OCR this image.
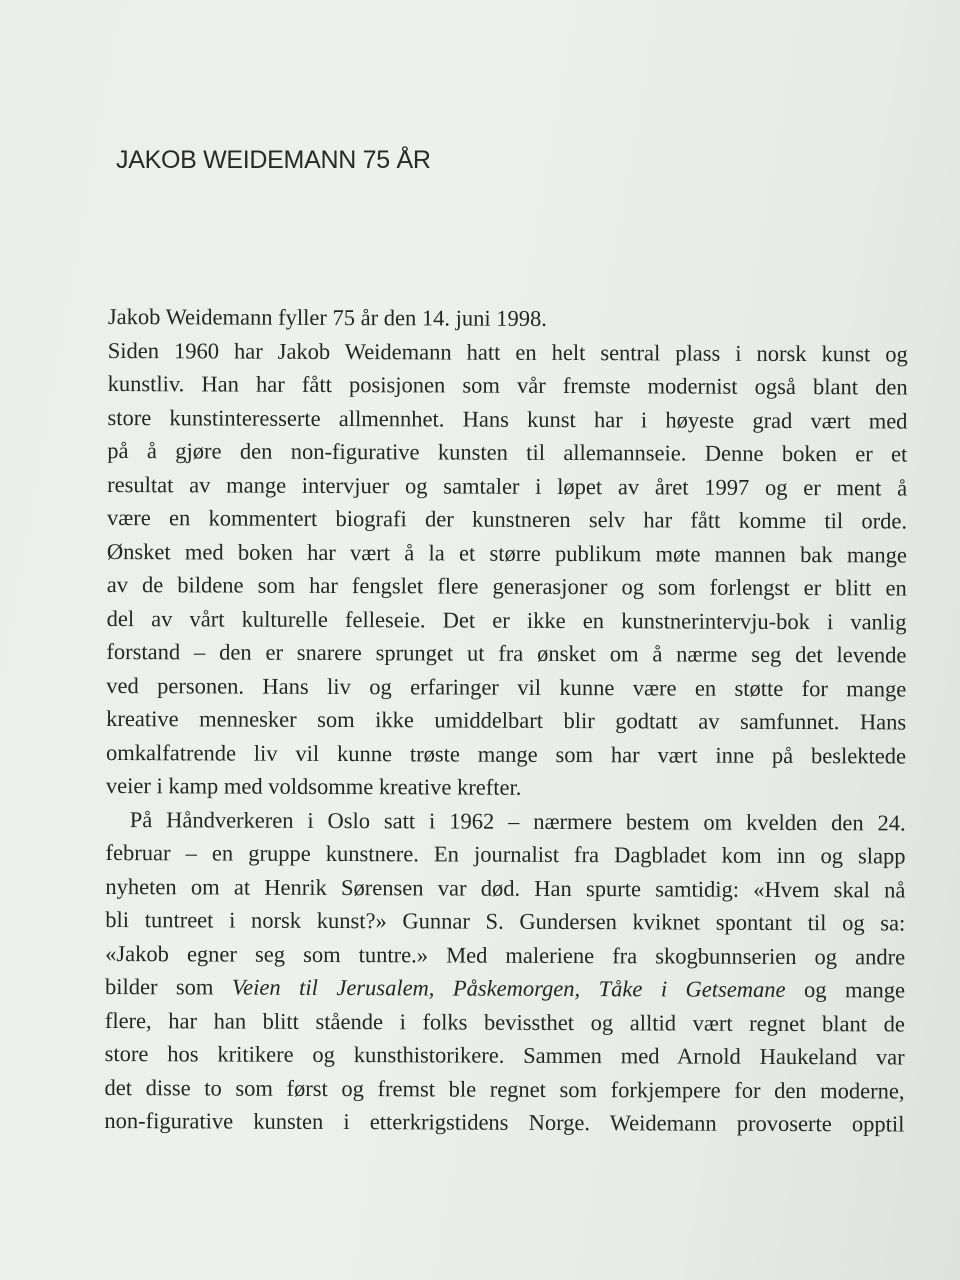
JAKOB WEIDEMANN 75 ÅR
Jakob Weidemann fyller 75 år den 14. juni 1998.
Siden 1960 har Jakob Weidemann hatt en helt sentral plass i norsk kunst og
kunstliv. Han har fått posisjonen som vår fremste modernist også blant den
store kunstinteresserte allmennhet. Hans kunst har i høyeste grad vært med
på å gjøre den non-figurative kunsten til allemannseie. Denne boken er et
resultat av mange intervjuer og samtaler i løpet av året 1997 og er ment å
være en kommentert biografi der kunstneren selv har fått komme til orde.
Ønsket med boken har vært å la et større publikum møte mannen bak mange
av de bildene som har fengslet flere generasjoner og som forlengst er blitt en
del av vårt kulturelle felleseie. Det er ikke en kunstnerintervju-bok i vanlig
forstand – den er snarere sprunget ut fra ønsket om å nærme seg det levende
ved personen. Hans liv og erfaringer vil kunne være en støtte for mange
kreative mennesker som ikke umiddelbart blir godtatt av samfunnet. Hans
omkalfatrende liv vil kunne trøste mange som har vært inne på beslektede
veier i kamp med voldsomme kreative krefter.
På Håndverkeren i Oslo satt i 1962 – nærmere bestem om kvelden den 24.
februar – en gruppe kunstnere. En journalist fra Dagbladet kom inn og slapp
nyheten om at Henrik Sørensen var død. Han spurte samtidig: «Hvem skal nå
bli tuntreet i norsk kunst?» Gunnar S. Gundersen kviknet spontant til og sa:
«Jakob egner seg som tuntre.» Med maleriene fra skogbunnserien og andre
bilder som Veien til Jerusalem, Påskemorgen, Tåke i Getsemane og mange
flere, har han blitt stående i folks bevissthet og alltid vært regnet blant de
store hos kritikere og kunsthistorikere. Sammen med Arnold Haukeland var
det disse to som først og fremst ble regnet som forkjempere for den moderne,
non-figurative kunsten i etterkrigstidens Norge. Weidemann provoserte opptil
